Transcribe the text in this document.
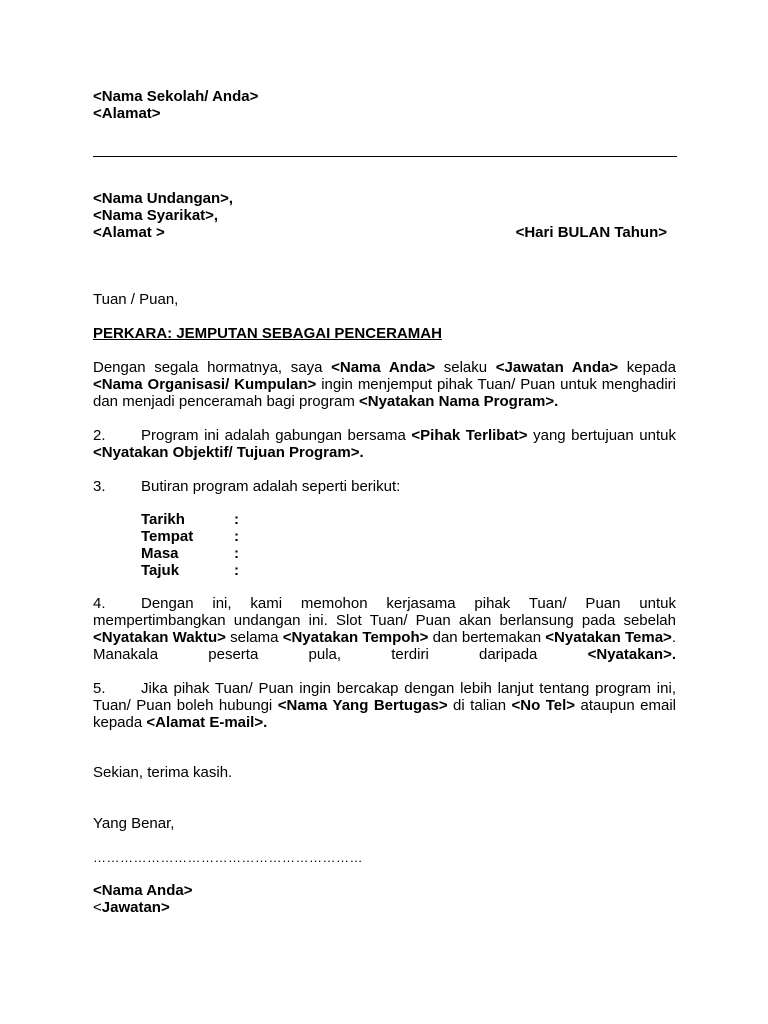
<Nama Sekolah/ Anda>
<Alamat>
<Nama Undangan>,
<Nama Syarikat>,
<Alamat >	<Hari BULAN Tahun>
Tuan / Puan,
PERKARA: JEMPUTAN SEBAGAI PENCERAMAH
Dengan segala hormatnya, saya <Nama Anda> selaku <Jawatan Anda> kepada <Nama Organisasi/ Kumpulan> ingin menjemput pihak Tuan/ Puan untuk menghadiri dan menjadi penceramah bagi program <Nyatakan Nama Program>.
2. Program ini adalah gabungan bersama <Pihak Terlibat> yang bertujuan untuk <Nyatakan Objektif/ Tujuan Program>.
3. Butiran program adalah seperti berikut:
Tarikh	:
Tempat	:
Masa	:
Tajuk	:
4. Dengan ini, kami memohon kerjasama pihak Tuan/ Puan untuk mempertimbangkan undangan ini. Slot Tuan/ Puan akan berlansung pada sebelah <Nyatakan Waktu> selama <Nyatakan Tempoh> dan bertemakan <Nyatakan Tema>. Manakala peserta pula, terdiri daripada <Nyatakan>.
5. Jika pihak Tuan/ Puan ingin bercakap dengan lebih lanjut tentang program ini, Tuan/ Puan boleh hubungi <Nama Yang Bertugas> di talian <No Tel> ataupun email kepada <Alamat E-mail>.
Sekian, terima kasih.
Yang Benar,
……………………………………………………
<Nama Anda>
<Jawatan>
